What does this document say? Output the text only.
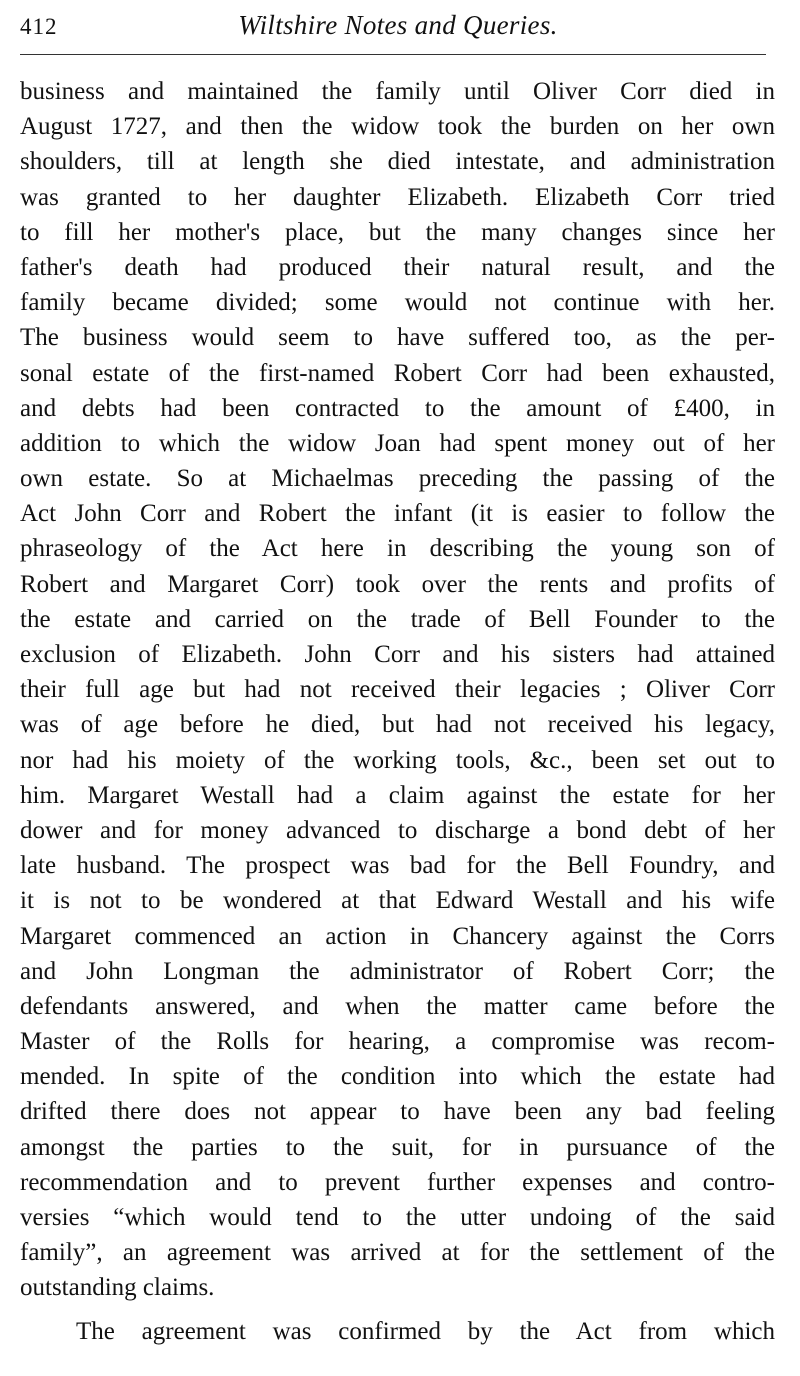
412	Wiltshire Notes and Queries.
business and maintained the family until Oliver Corr died in
August 1727, and then the widow took the burden on her own
shoulders, till at length she died intestate, and administration
was granted to her daughter Elizabeth. Elizabeth Corr tried
to fill her mother's place, but the many changes since her
father's death had produced their natural result, and the
family became divided; some would not continue with her.
The business would seem to have suffered too, as the per-
sonal estate of the first-named Robert Corr had been exhausted,
and debts had been contracted to the amount of £400, in
addition to which the widow Joan had spent money out of her
own estate. So at Michaelmas preceding the passing of the
Act John Corr and Robert the infant (it is easier to follow the
phraseology of the Act here in describing the young son of
Robert and Margaret Corr) took over the rents and profits of
the estate and carried on the trade of Bell Founder to the
exclusion of Elizabeth. John Corr and his sisters had attained
their full age but had not received their legacies ; Oliver Corr
was of age before he died, but had not received his legacy,
nor had his moiety of the working tools, &c., been set out to
him. Margaret Westall had a claim against the estate for her
dower and for money advanced to discharge a bond debt of her
late husband. The prospect was bad for the Bell Foundry, and
it is not to be wondered at that Edward Westall and his wife
Margaret commenced an action in Chancery against the Corrs
and John Longman the administrator of Robert Corr; the
defendants answered, and when the matter came before the
Master of the Rolls for hearing, a compromise was recom-
mended. In spite of the condition into which the estate had
drifted there does not appear to have been any bad feeling
amongst the parties to the suit, for in pursuance of the
recommendation and to prevent further expenses and contro-
versies “which would tend to the utter undoing of the said
family”, an agreement was arrived at for the settlement of the
outstanding claims.
The agreement was confirmed by the Act from which
